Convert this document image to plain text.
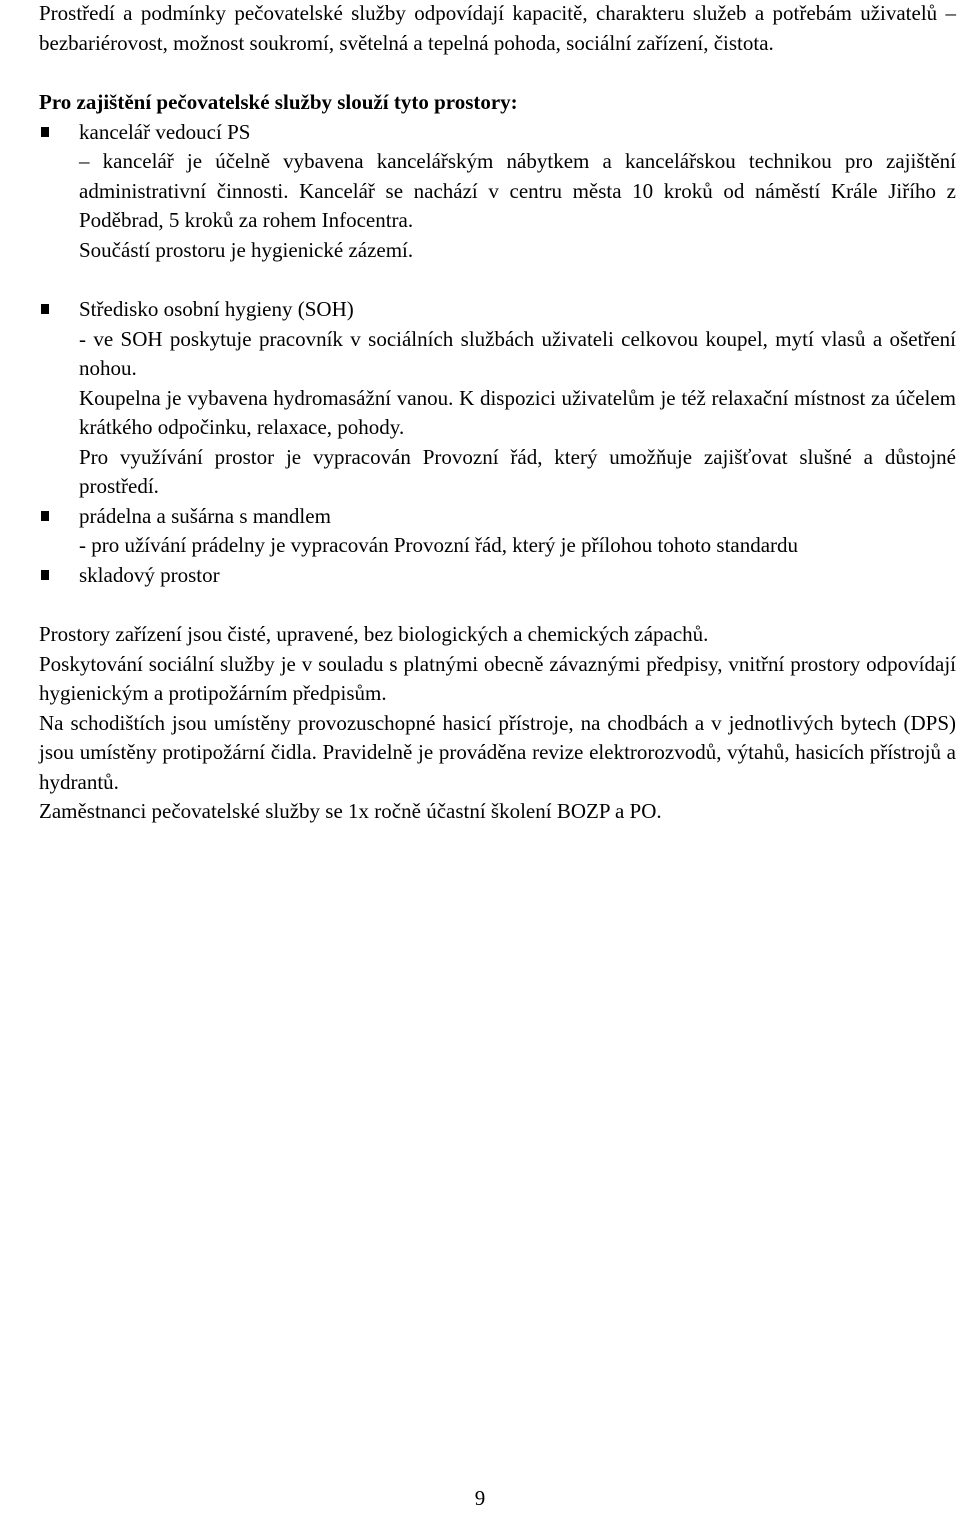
Prostředí a podmínky pečovatelské služby odpovídají kapacitě, charakteru služeb a potřebám uživatelů – bezbariérovost, možnost soukromí, světelná a tepelná pohoda, sociální zařízení, čistota.

Pro zajištění pečovatelské služby slouží tyto prostory:

kancelář vedoucí PS

– kancelář je účelně vybavena kancelářským nábytkem a kancelářskou technikou pro zajištění administrativní činnosti. Kancelář se nachází v centru města 10 kroků od náměstí Krále Jiřího z Poděbrad, 5 kroků za rohem Infocentra.

Součástí prostoru je hygienické zázemí.

Středisko osobní hygieny (SOH)

- ve SOH poskytuje pracovník v sociálních službách uživateli celkovou koupel, mytí vlasů a ošetření nohou.

Koupelna je vybavena hydromasážní vanou. K dispozici uživatelům je též relaxační místnost za účelem krátkého odpočinku, relaxace, pohody.

Pro využívání prostor je vypracován Provozní řád, který umožňuje zajišťovat slušné a důstojné prostředí.

prádelna a sušárna s mandlem

- pro užívání prádelny je vypracován Provozní řád, který je přílohou tohoto standardu

skladový prostor

Prostory zařízení jsou čisté, upravené, bez biologických a chemických zápachů.

Poskytování sociální služby je v souladu s platnými obecně závaznými předpisy, vnitřní prostory odpovídají hygienickým a protipožárním předpisům.

Na schodištích jsou umístěny provozuschopné hasicí přístroje, na chodbách a v jednotlivých bytech (DPS) jsou umístěny protipožární čidla. Pravidelně je prováděna revize elektrorozvodů, výtahů, hasicích přístrojů a hydrantů.

Zaměstnanci pečovatelské služby se 1x ročně účastní školení BOZP a PO.

9
